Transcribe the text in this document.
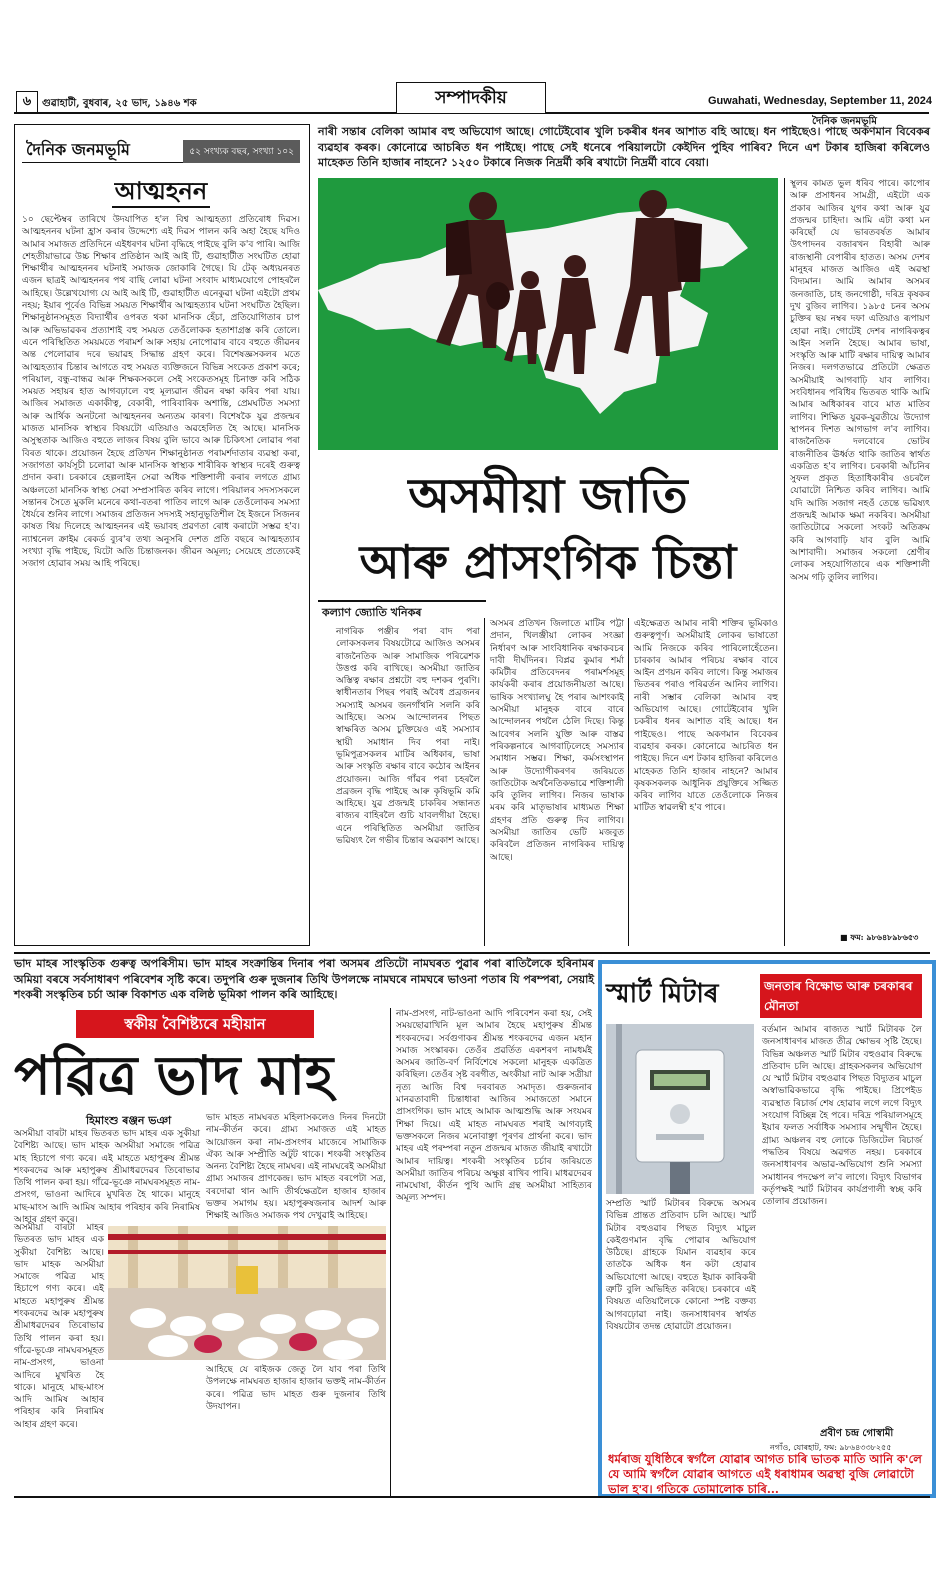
৬	গুৱাহাটী, বুধবাৰ, ২৫ ভাদ, ১৯৪৬ শক	সম্পাদকীয়	Guwahati, Wednesday, September 11, 2024
দৈনিক জনমভূমি
দৈনিক জনমভূমি	৫২ সংখ্যক বছৰ, সংখ্যা ১০২
আত্মহনন
১০ ছেপ্টেম্বৰ তাৰিখে উদযাপিত হ'ল বিশ্ব আত্মহত্যা প্ৰতিৰোধ দিৱস। আত্মহননৰ ঘটনা হ্ৰাস কৰাৰ উদ্দেশ্যে এই দিৱস পালন কৰি অহা হৈছে যদিও আমাৰ সমাজত প্ৰতিদিনে এইধৰণৰ ঘটনা বৃদ্ধিহে পাইছে বুলি ক'ব পাৰি। আজি শেহতীয়াভাৱে উচ্চ শিক্ষাৰ প্ৰতিষ্ঠান আই আই টি, গুৱাহাটীত সংঘটিত হোৱা শিক্ষাৰ্থীৰ আত্মহননৰ ঘটনাই সমাজক জোকাৰি গৈছে। যি টেক্‌ অধ্যয়নৰত এজন ছাত্ৰই আত্মহননৰ পথ বাছি লোৱা ঘটনা সংবাদ মাধ্যমযোগে পোহৰলৈ আহিছে। উল্লেখযোগ্য যে আই আই টি, গুৱাহাটীত এনেকুৱা ঘটনা এইটো প্ৰথম নহয়; ইয়াৰ পূৰ্বেও বিভিন্ন সময়ত শিক্ষাৰ্থীৰ আত্মহত্যাৰ ঘটনা সংঘটিত হৈছিল। শিক্ষানুষ্ঠানসমূহত বিদ্যাৰ্থীৰ ওপৰত থকা মানসিক হেঁচা, প্ৰতিযোগিতাৰ চাপ আৰু অভিভাৱকৰ প্ৰত্যাশাই বহু সময়ত তেওঁলোকক হতাশাগ্ৰস্ত কৰি তোলে। এনে পৰিস্থিতিত সময়মতে পৰামৰ্শ আৰু সহায় নোপোৱাৰ বাবে বহুতে জীৱনৰ অন্ত পেলোৱাৰ দৰে ভয়াৱহ সিদ্ধান্ত গ্ৰহণ কৰে। বিশেষজ্ঞসকলৰ মতে আত্মহত্যাৰ চিন্তাৰ আগতে বহু সময়ত ব্যক্তিজনে বিভিন্ন সংকেত প্ৰকাশ কৰে; পৰিয়াল, বন্ধু-বান্ধৱ আৰু শিক্ষকসকলে সেই সংকেতসমূহ চিনাক্ত কৰি সঠিক সময়ত সহায়ৰ হাত আগবঢ়ালে বহু মূল্যৱান জীৱন ৰক্ষা কৰিব পৰা যায়। আজিৰ সমাজত একাকীত্ব, বেকাৰী, পাৰিবাৰিক অশান্তি, প্ৰেমঘটিত সমস্যা আৰু আৰ্থিক অনটনো আত্মহননৰ অন্যতম কাৰণ। বিশেষকৈ যুৱ প্ৰজন্মৰ মাজত মানসিক স্বাস্থ্যৰ বিষয়টো এতিয়াও অৱহেলিত হৈ আছে। মানসিক অসুস্থতাক আজিও বহুতে লাজৰ বিষয় বুলি ভাবে আৰু চিকিৎসা লোৱাৰ পৰা বিৰত থাকে। প্ৰয়োজন হৈছে প্ৰতিখন শিক্ষানুষ্ঠানত পৰামৰ্শদাতাৰ ব্যৱস্থা কৰা, সজাগতা কাৰ্যসূচী চলোৱা আৰু মানসিক স্বাস্থ্যক শাৰীৰিক স্বাস্থ্যৰ দৰেই গুৰুত্ব প্ৰদান কৰা। চৰকাৰে হেল্পলাইন সেৱা অধিক শক্তিশালী কৰাৰ লগতে গ্ৰাম্য অঞ্চলতো মানসিক স্বাস্থ্য সেৱা সম্প্ৰসাৰিত কৰিব লাগে। পৰিয়ালৰ সদস্যসকলে সন্তানৰ সৈতে মুকলি মনেৰে কথা-বতৰা পাতিব লাগে আৰু তেওঁলোকৰ সমস্যা ধৈৰ্যৰে শুনিব লাগে। সমাজৰ প্ৰতিজন সদস্যই সহানুভূতিশীল হৈ ইজনে সিজনৰ কাষত থিয় দিলেহে আত্মহননৰ এই ভয়াবহ প্ৰৱণতা ৰোধ কৰাটো সম্ভৱ হ'ব। ন্যাশ্বনেল ক্ৰাইম ৰেকৰ্ড ব্যুৰ'ৰ তথ্য অনুসৰি দেশত প্ৰতি বছৰে আত্মহত্যাৰ সংখ্যা বৃদ্ধি পাইছে, যিটো অতি চিন্তাজনক। জীৱন অমূল্য; সেয়েহে প্ৰত্যেকেই সজাগ হোৱাৰ সময় আহি পৰিছে।
নাৰী সন্তাৰ বেলিকা আমাৰ বহু অভিযোগ আছে। গোটেইবোৰ খুলি চকৰীৰ ধনৰ আশাত বহি আছে। ধন পাইছেও। পাছে অকণমান বিবেকৰ ব্যৱহাৰ কৰক। কোনোৱে আচৰিত ধন পাইছে। পাছে সেই ধনেৰে পৰিয়ালটো কেইদিন পুহিব পাৰিব? দিনে এশ টকাৰ হাজিৰা কৰিলেও মাহেকত তিনি হাজাৰ নাহনে? ১২৫০ টকাৰে নিজক নিদ্ৰৰ্মী কৰি ৰখাটো নিদ্ৰৰ্মী বাবে বেয়া।
অসমীয়া জাতি
আৰু প্ৰাসংগিক চিন্তা
কল্যাণ জ্যোতি খনিকৰ
নাগৰিক পঞ্জীৰ পৰা বাদ পৰা লোকসকলৰ বিষয়টোৱে আজিও অসমৰ ৰাজনৈতিক আৰু সামাজিক পৰিৱেশক উত্তপ্ত কৰি ৰাখিছে। অসমীয়া জাতিৰ অস্তিত্ব ৰক্ষাৰ প্ৰশ্নটো বহু দশকৰ পুৰণি। স্বাধীনতাৰ পিছৰ পৰাই অবৈধ প্ৰব্ৰজনৰ সমস্যাই অসমৰ জনগাঁথনি সলনি কৰি আহিছে। অসম আন্দোলনৰ পিছত স্বাক্ষৰিত অসম চুক্তিয়েও এই সমস্যাৰ স্থায়ী সমাধান দিব পৰা নাই। ভূমিপুত্ৰসকলৰ মাটিৰ অধিকাৰ, ভাষা আৰু সংস্কৃতি ৰক্ষাৰ বাবে কঠোৰ আইনৰ প্ৰয়োজন। আজি গাঁৱৰ পৰা চহৰলৈ প্ৰব্ৰজন বৃদ্ধি পাইছে আৰু কৃষিভূমি কমি আহিছে। যুৱ প্ৰজন্মই চাকৰিৰ সন্ধানত ৰাজ্যৰ বাহিৰলৈ গুচি যাবলগীয়া হৈছে। এনে পৰিস্থিতিত অসমীয়া জাতিৰ ভৱিষ্যৎ লৈ গভীৰ চিন্তাৰ অৱকাশ আছে।
অসমৰ প্ৰতিখন জিলাতে মাটিৰ পট্টা প্ৰদান, খিলঞ্জীয়া লোকৰ সংজ্ঞা নিৰ্ধাৰণ আৰু সাংবিধানিক ৰক্ষাকবচৰ দাবী দীৰ্ঘদিনৰ। বিপ্লৱ কুমাৰ শৰ্মা কমিটীৰ প্ৰতিবেদনৰ পৰামৰ্শসমূহ কাৰ্যকৰী কৰাৰ প্ৰয়োজনীয়তা আছে। ভাষিক সংখ্যালঘু হৈ পৰাৰ আশংকাই অসমীয়া মানুহক বাৰে বাৰে আন্দোলনৰ পথলৈ ঠেলি দিছে। কিন্তু আবেগৰ সলনি যুক্তি আৰু বাস্তৱ পৰিকল্পনাৰে আগবাঢ়িলেহে সমস্যাৰ সমাধান সম্ভৱ। শিক্ষা, কৰ্মসংস্থাপন আৰু উদ্যোগীকৰণৰ জৰিয়তে জাতিটোক অৰ্থনৈতিকভাৱে শক্তিশালী কৰি তুলিব লাগিব। নিজৰ ভাষাক মৰম কৰি মাতৃভাষাৰ মাধ্যমত শিক্ষা গ্ৰহণৰ প্ৰতি গুৰুত্ব দিব লাগিব। অসমীয়া জাতিৰ ভেটি মজবুত কৰিবলৈ প্ৰতিজন নাগৰিকৰ দায়িত্ব আছে।
এইক্ষেত্ৰত আমাৰ নাৰী শক্তিৰ ভূমিকাও গুৰুত্বপূৰ্ণ। অসমীয়াই লোকৰ ভাষাতো আমি নিজকে কৰিব পাৰিলোহেঁতেন। চাৰকাৰ আমাৰ পৰিচয় ৰক্ষাৰ বাবে আইন প্ৰণয়ন কৰিব লাগে। কিন্তু সমাজৰ ভিতৰৰ পৰাও পৰিৱৰ্তন আনিব লাগিব। নাৰী সম্ভাৰ বেলিকা আমাৰ বহু অভিযোগ আছে। গোটেইবোৰ খুলি চকৰীৰ ধনৰ আশাত বহি আছে। ধন পাইছেও। পাছে অকণমান বিবেকৰ ব্যৱহাৰ কৰক। কোনোৱে আচৰিত ধন পাইছে। দিনে এশ টকাৰ হাজিৰা কৰিলেও মাহেকত তিনি হাজাৰ নাহনে? আমাৰ কৃষকসকলক আধুনিক প্ৰযুক্তিৰে সজ্জিত কৰিব লাগিব যাতে তেওঁলোকে নিজৰ মাটিত স্বাৱলম্বী হ'ব পাৰে।
স্থূলৰ কামত ভুল ধৰিব পাৰে। কাপোৰ আৰু প্ৰসাধনৰ সামগ্ৰী, এইটো এক প্ৰকাৰ আজিৰ যুগৰ কথা আৰু যুৱ প্ৰজন্মৰ চাহিদা। আমি এটা কথা মন কৰিছোঁ যে ভাৰতবৰ্ষত আমাৰ উৎপাদনৰ বজাৰখন বিহাৰী আৰু ৰাজস্থানী বেপাৰীৰ হাতত। অসম দেশৰ মানুহৰ মাজত আজিও এই অৱস্থা বিদ্যমান। আমি আমাৰ অসমৰ জনজাতি, চাহ জনগোষ্ঠী, দৰিদ্ৰ কৃষকৰ দুখ বুজিব লাগিব। ১৯৮৫ চনৰ অসম চুক্তিৰ ছয় নম্বৰ দফা এতিয়াও ৰূপায়ণ হোৱা নাই। গোটেই দেশৰ নাগৰিকত্বৰ আইন সলনি হৈছে। আমাৰ ভাষা, সংস্কৃতি আৰু মাটি ৰক্ষাৰ দায়িত্ব আমাৰ নিজৰ। দলগতভাৱে প্ৰতিটো ক্ষেত্ৰত অসমীয়াই আগবাঢ়ি যাব লাগিব। সংবিধানৰ পৰিধিৰ ভিতৰত থাকি আমি আমাৰ অধিকাৰৰ বাবে মাত মাতিব লাগিব। শিক্ষিত যুৱক-যুৱতীয়ে উদ্যোগ স্থাপনৰ দিশত আগভাগ ল'ব লাগিব। ৰাজনৈতিক দলবোৰে ভোটৰ ৰাজনীতিৰ ঊৰ্ধ্বত থাকি জাতিৰ স্বাৰ্থত একত্ৰিত হ'ব লাগিব। চৰকাৰী আঁচনিৰ সুফল প্ৰকৃত হিতাধিকাৰীৰ ওচৰলৈ যোৱাটো নিশ্চিত কৰিব লাগিব। আমি যদি আজি সজাগ নহওঁ তেন্তে ভৱিষ্যৎ প্ৰজন্মই আমাক ক্ষমা নকৰিব। অসমীয়া জাতিটোৱে সকলো সংকট অতিক্ৰম কৰি আগবাঢ়ি যাব বুলি আমি আশাবাদী। সমাজৰ সকলো শ্ৰেণীৰ লোকৰ সহযোগিতাৰে এক শক্তিশালী অসম গঢ়ি তুলিব লাগিব।
■ ফম: ৯৮৬৪৮৯৮৬৫৩
ভাদ মাহৰ সাংস্কৃতিক গুৰুত্ব অপৰিসীম। ভাদ মাহৰ সংক্ৰান্তিৰ দিনাৰ পৰা অসমৰ প্ৰতিটো নামঘৰত পুৱাৰ পৰা ৰাতিলৈকে হৰিনামৰ অমিয়া বৰষে সৰ্বসাধাৰণ পৰিবেশৰ সৃষ্টি কৰে। তদুপৰি গুৰু দুজনাৰ তিথি উপলক্ষে নামঘৰে নামঘৰে ভাওনা পতাৰ যি পৰম্পৰা, সেয়াই শংকৰী সংস্কৃতিৰ চৰ্চা আৰু বিকাশত এক বলিষ্ঠ ভূমিকা পালন কৰি আহিছে।
স্বকীয় বৈশিষ্ট্যৰে মহীয়ান
পৱিত্ৰ ভাদ মাহ
হিমাংশু ৰঞ্জন ভঞা
অসমীয়া বাৰটা মাহৰ ভিতৰত ভাদ মাহৰ এক সুকীয়া বৈশিষ্ট্য আছে। ভাদ মাহক অসমীয়া সমাজে পৱিত্ৰ মাহ হিচাপে গণ্য কৰে। এই মাহতে মহাপুৰুষ শ্ৰীমন্ত শংকৰদেৱ আৰু মহাপুৰুষ শ্ৰীমাধৱদেৱৰ তিৰোভাৱ তিথি পালন কৰা হয়। গাঁৱে-ভূঞে নামঘৰসমূহত নাম-প্ৰসংগ, ভাওনা আদিৰে মুখৰিত হৈ থাকে। মানুহে মাছ-মাংস আদি আমিষ আহাৰ পৰিহাৰ কৰি নিৰামিষ আহাৰ গ্ৰহণ কৰে।
ভাদ মাহত নামঘৰত মহিলাসকলেও দিনৰ দিনটো নাম-কীৰ্তন কৰে। গ্ৰাম্য সমাজত এই মাহত আয়োজন কৰা নাম-প্ৰসংগৰ মাজেৰে সামাজিক ঐক্য আৰু সম্প্ৰীতি অটুট থাকে। শংকৰী সংস্কৃতিৰ অনন্য বৈশিষ্ট্য হৈছে নামঘৰ। এই নামঘৰেই অসমীয়া গ্ৰাম্য সমাজৰ প্ৰাণকেন্দ্ৰ। ভাদ মাহত বৰপেটা সত্ৰ, বৰদোৱা থান আদি তীৰ্থক্ষেত্ৰলৈ হাজাৰ হাজাৰ ভক্তৰ সমাগম হয়। মহাপুৰুষজনাৰ আদৰ্শ আৰু শিক্ষাই আজিও সমাজক পথ দেখুৱাই আহিছে।
নাম-প্ৰসংগ, নাট-ভাওনা আদি পৰিবেশন কৰা হয়, সেই সময়ছোৱাখিনি মূল আমাৰ হৈছে মহাপুৰুষ শ্ৰীমন্ত শংকৰদেৱ। সৰ্বগুণাকৰ শ্ৰীমন্ত শংকৰদেৱ এজন মহান সমাজ সংস্কাৰক। তেওঁৰ প্ৰৱৰ্তিত একশৰণ নামধৰ্মই অসমৰ জাতি-বৰ্ণ নিৰ্বিশেষে সকলো মানুহক একত্ৰিত কৰিছিল। তেওঁৰ সৃষ্ট বৰগীত, অংকীয়া নাট আৰু সত্ৰীয়া নৃত্য আজি বিশ্ব দৰবাৰত সমাদৃত। গুৰুজনাৰ মানৱতাবাদী চিন্তাধাৰা আজিৰ সমাজতো সমানে প্ৰাসংগিক। ভাদ মাহে আমাক আত্মশুদ্ধি আৰু সংযমৰ শিক্ষা দিয়ে। এই মাহত নামঘৰত শৰাই আগবঢ়াই ভক্তসকলে নিজৰ মনোবাঞ্ছা পূৰণৰ প্ৰাৰ্থনা কৰে। ভাদ মাহৰ এই পৰম্পৰা নতুন প্ৰজন্মৰ মাজত জীয়াই ৰখাটো আমাৰ দায়িত্ব। শংকৰী সংস্কৃতিৰ চৰ্চাৰ জৰিয়তে অসমীয়া জাতিৰ পৰিচয় অক্ষুণ্ণ ৰাখিব পাৰি। মাধৱদেৱৰ নামঘোষা, কীৰ্তন পুথি আদি গ্ৰন্থ অসমীয়া সাহিত্যৰ অমূল্য সম্পদ।
আহিছে যে ৰাইজক জেতু লৈ যাব পৰা তিথি উপলক্ষে নামঘৰত হাজাৰ হাজাৰ ভক্তই নাম-কীৰ্তন কৰে। পৱিত্ৰ ভাদ মাহত গুৰু দুজনাৰ তিথি উদযাপন।
অসমীয়া বাৰটা মাহৰ ভিতৰত ভাদ মাহৰ এক সুকীয়া বৈশিষ্ট্য আছে। ভাদ মাহক অসমীয়া সমাজে পৱিত্ৰ মাহ হিচাপে গণ্য কৰে। এই মাহতে মহাপুৰুষ শ্ৰীমন্ত শংকৰদেৱ আৰু মহাপুৰুষ শ্ৰীমাধৱদেৱৰ তিৰোভাৱ তিথি পালন কৰা হয়। গাঁৱে-ভূঞে নামঘৰসমূহত নাম-প্ৰসংগ, ভাওনা আদিৰে মুখৰিত হৈ থাকে। মানুহে মাছ-মাংস আদি আমিষ আহাৰ পৰিহাৰ কৰি নিৰামিষ আহাৰ গ্ৰহণ কৰে।
স্মাৰ্ট মিটাৰ	জনতাৰ বিক্ষোভ আৰু চৰকাৰৰ মৌনতা
বৰ্তমান আমাৰ ৰাজ্যত স্মাৰ্ট মিটাৰক লৈ জনসাধাৰণৰ মাজত তীব্ৰ ক্ষোভৰ সৃষ্টি হৈছে। বিভিন্ন অঞ্চলত স্মাৰ্ট মিটাৰ বহুওৱাৰ বিৰুদ্ধে প্ৰতিবাদ চলি আছে। গ্ৰাহকসকলৰ অভিযোগ যে স্মাৰ্ট মিটাৰ বহুওৱাৰ পিছত বিদ্যুতৰ মাচুল অস্বাভাৱিকভাৱে বৃদ্ধি পাইছে। প্ৰিপেইড ব্যৱস্থাত ৰিচাৰ্জ শেষ হোৱাৰ লগে লগে বিদ্যুৎ সংযোগ বিচ্ছিন্ন হৈ পৰে। দৰিদ্ৰ পৰিয়ালসমূহে ইয়াৰ ফলত সৰ্বাধিক সমস্যাৰ সন্মুখীন হৈছে। গ্ৰাম্য অঞ্চলৰ বহু লোকে ডিজিটেল ৰিচাৰ্জ পদ্ধতিৰ বিষয়ে অৱগত নহয়। চৰকাৰে জনসাধাৰণৰ অভাৱ-অভিযোগ শুনি সমস্যা সমাধানৰ পদক্ষেপ ল'ব লাগে। বিদ্যুৎ বিভাগৰ কৰ্তৃপক্ষই স্মাৰ্ট মিটাৰৰ কাৰ্যপ্ৰণালী স্বচ্ছ কৰি তোলাৰ প্ৰয়োজন।
সম্প্ৰতি স্মাৰ্ট মিটাৰৰ বিৰুদ্ধে অসমৰ বিভিন্ন প্ৰান্তত প্ৰতিবাদ চলি আছে। স্মাৰ্ট মিটাৰ বহুওৱাৰ পিছত বিদ্যুৎ মাচুল কেইগুণমান বৃদ্ধি পোৱাৰ অভিযোগ উঠিছে। গ্ৰাহকে যিমান ব্যৱহাৰ কৰে তাতকৈ অধিক ধন কটা হোৱাৰ অভিযোগো আছে। বহুতে ইয়াক কাৰিকৰী ত্ৰুটি বুলি অভিহিত কৰিছে। চৰকাৰে এই বিষয়ত এতিয়ালৈকে কোনো স্পষ্ট বক্তব্য আগবঢ়োৱা নাই। জনসাধাৰণৰ স্বাৰ্থত বিষয়টোৰ তদন্ত হোৱাটো প্ৰয়োজন।
প্ৰবীণ চন্দ্ৰ গোস্বামী
নগাঁও, যোৰহাট, ফম: ৯৮৬৪৩৩৮২৫৫
ধৰ্মৰাজ যুধিষ্ঠিৰে স্বৰ্গলৈ যোৱাৰ আগত চাৰি ভাতক মাতি আনি ক'লে যে আমি স্বৰ্গলৈ যোৱাৰ আগতে এই ধৰাধামৰ অৱস্থা বুজি লোৱাটো ভাল হ'ব। গতিকে তোমালোক চাৰি...
